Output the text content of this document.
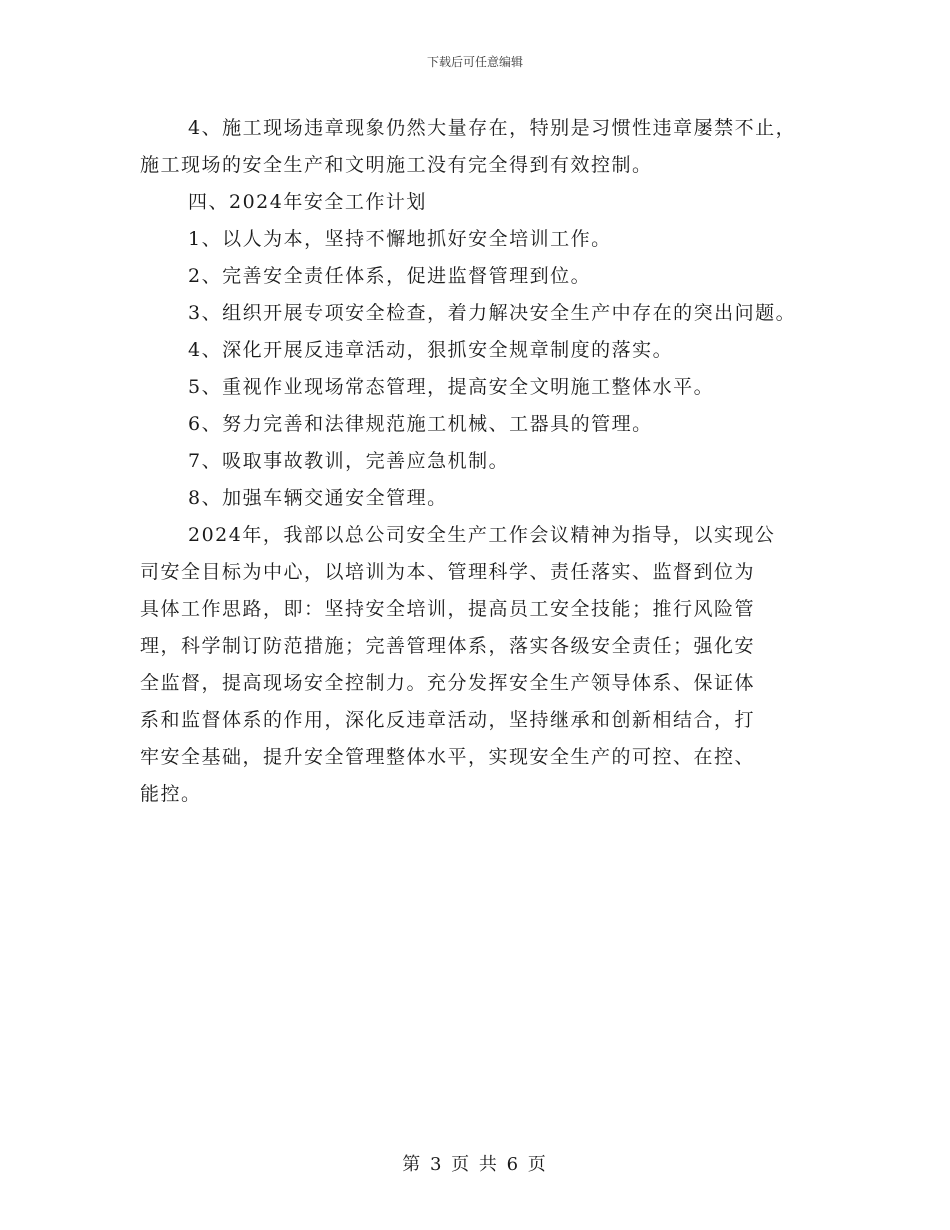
下载后可任意编辑
4、施工现场违章现象仍然大量存在，特别是习惯性违章屡禁不止，
施工现场的安全生产和文明施工没有完全得到有效控制。
四、2024年安全工作计划
1、以人为本，坚持不懈地抓好安全培训工作。
2、完善安全责任体系，促进监督管理到位。
3、组织开展专项安全检查，着力解决安全生产中存在的突出问题。
4、深化开展反违章活动，狠抓安全规章制度的落实。
5、重视作业现场常态管理，提高安全文明施工整体水平。
6、努力完善和法律规范施工机械、工器具的管理。
7、吸取事故教训，完善应急机制。
8、加强车辆交通安全管理。
2024年，我部以总公司安全生产工作会议精神为指导，以实现公
司安全目标为中心，以培训为本、管理科学、责任落实、监督到位为
具体工作思路，即：坚持安全培训，提高员工安全技能；推行风险管
理，科学制订防范措施；完善管理体系，落实各级安全责任；强化安
全监督，提高现场安全控制力。充分发挥安全生产领导体系、保证体
系和监督体系的作用，深化反违章活动，坚持继承和创新相结合，打
牢安全基础，提升安全管理整体水平，实现安全生产的可控、在控、
能控。
第 3 页 共 6 页
